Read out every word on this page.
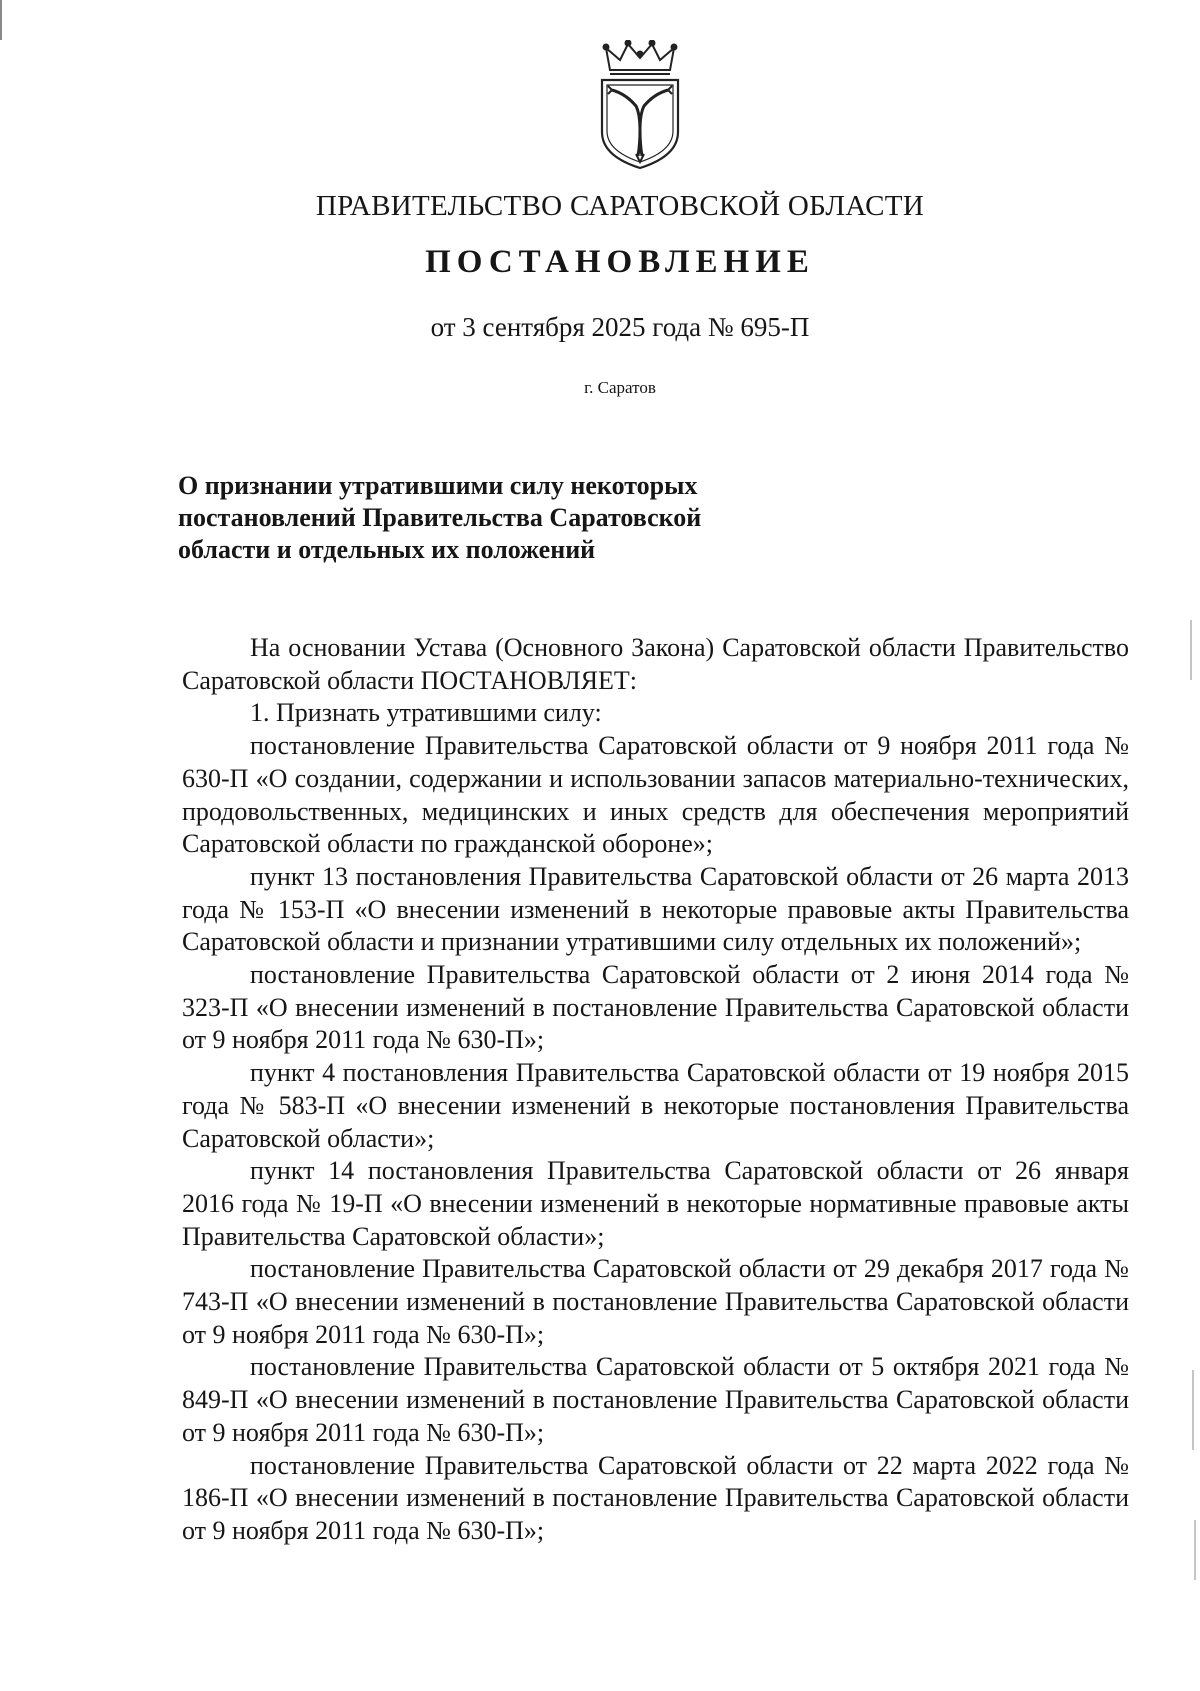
ПРАВИТЕЛЬСТВО САРАТОВСКОЙ ОБЛАСТИ
ПОСТАНОВЛЕНИЕ
от 3 сентября 2025 года № 695-П
г. Саратов
О признании утратившими силу некоторых
постановлений Правительства Саратовской
области и отдельных их положений

На основании Устава (Основного Закона) Саратовской области Правительство Саратовской области ПОСТАНОВЛЯЕТ:

1. Признать утратившими силу:

постановление Правительства Саратовской области от 9 ноября 2011 года № 630-П «О создании, содержании и использовании запасов материально-технических, продовольственных, медицинских и иных средств для обеспечения мероприятий Саратовской области по гражданской обороне»;

пункт 13 постановления Правительства Саратовской области от 26 марта 2013 года № 153-П «О внесении изменений в некоторые правовые акты Правительства Саратовской области и признании утратившими силу отдельных их положений»;

постановление Правительства Саратовской области от 2 июня 2014 года № 323-П «О внесении изменений в постановление Правительства Саратовской области от 9 ноября 2011 года № 630-П»;

пункт 4 постановления Правительства Саратовской области от 19 ноября 2015 года № 583-П «О внесении изменений в некоторые постановления Правительства Саратовской области»;

пункт 14 постановления Правительства Саратовской области от 26 января 2016 года № 19-П «О внесении изменений в некоторые нормативные правовые акты Правительства Саратовской области»;

постановление Правительства Саратовской области от 29 декабря 2017 года № 743-П «О внесении изменений в постановление Правительства Саратовской области от 9 ноября 2011 года № 630-П»;

постановление Правительства Саратовской области от 5 октября 2021 года № 849-П «О внесении изменений в постановление Правительства Саратовской области от 9 ноября 2011 года № 630-П»;

постановление Правительства Саратовской области от 22 марта 2022 года № 186-П «О внесении изменений в постановление Правительства Саратовской области от 9 ноября 2011 года № 630-П»;
